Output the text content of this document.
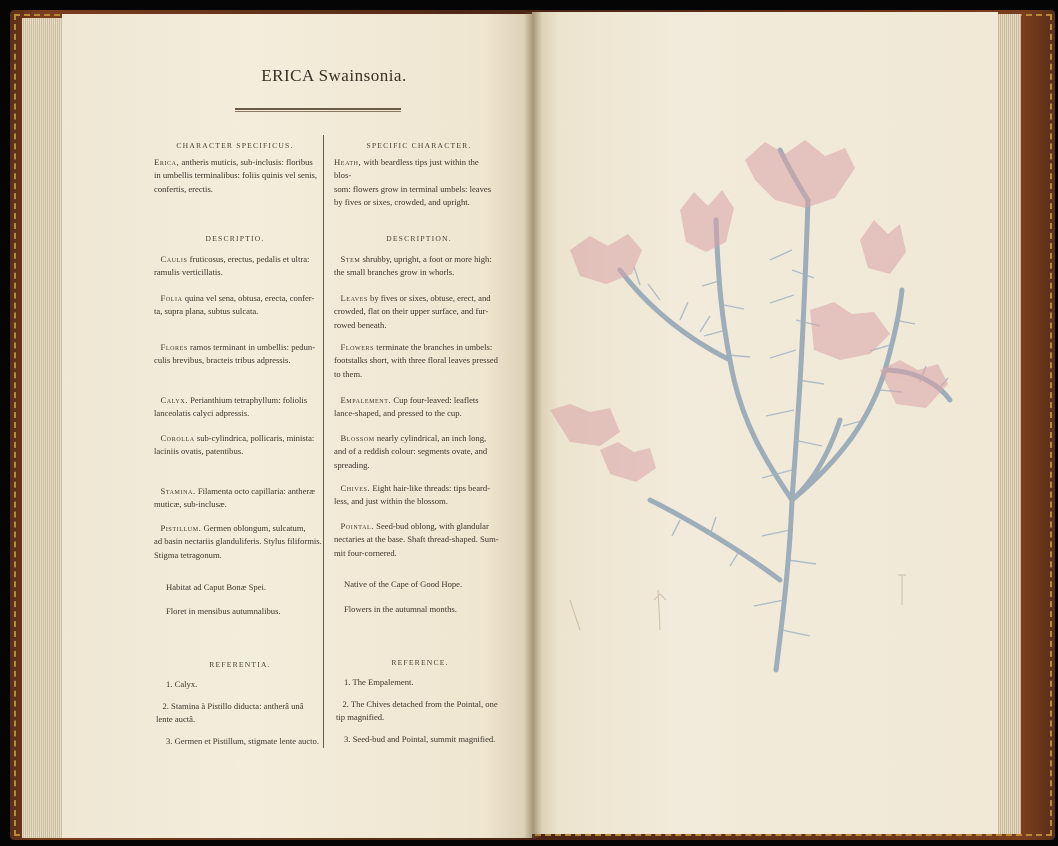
ERICA Swainsonia.
CHARACTER SPECIFICUS.
Erica, antheris muticis, sub-inclusis: floribus
in umbellis terminalibus: foliis quinis vel senis,
confertis, erectis.
DESCRIPTIO.
Caulis fruticosus, erectus, pedalis et ultra:
ramulis verticillatis.
Folia quina vel sena, obtusa, erecta, confer-
ta, supra plana, subtus sulcata.
Flores ramos terminant in umbellis: pedun-
culis brevibus, bracteis tribus adpressis.
Calyx. Perianthium tetraphyllum: foliolis
lanceolatis calyci adpressis.
Corolla sub-cylindrica, pollicaris, minista:
laciniis ovatis, patentibus.
Stamina. Filamenta octo capillaria: antheræ
muticæ, sub-inclusæ.
Pistillum. Germen oblongum, sulcatum,
ad basin nectariis glanduliferis. Stylus filiformis.
Stigma tetragonum.
Habitat ad Caput Bonæ Spei.
Floret in mensibus autumnalibus.
REFERENTIA.
1. Calyx.
2. Stamina à Pistillo diducta: antherâ unâ
lente auctâ.
3. Germen et Pistillum, stigmate lente aucto.
SPECIFIC CHARACTER.
Heath, with beardless tips just within the blos-
som: flowers grow in terminal umbels: leaves
by fives or sixes, crowded, and upright.
DESCRIPTION.
Stem shrubby, upright, a foot or more high:
the small branches grow in whorls.
Leaves by fives or sixes, obtuse, erect, and
crowded, flat on their upper surface, and fur-
rowed beneath.
Flowers terminate the branches in umbels:
footstalks short, with three floral leaves pressed
to them.
Empalement. Cup four-leaved: leaflets
lance-shaped, and pressed to the cup.
Blossom nearly cylindrical, an inch long,
and of a reddish colour: segments ovate, and
spreading.
Chives. Eight hair-like threads: tips beard-
less, and just within the blossom.
Pointal. Seed-bud oblong, with glandular
nectaries at the base. Shaft thread-shaped. Sum-
mit four-cornered.
Native of the Cape of Good Hope.
Flowers in the autumnal months.
REFERENCE.
1. The Empalement.
2. The Chives detached from the Pointal, one
tip magnified.
3. Seed-bud and Pointal, summit magnified.
